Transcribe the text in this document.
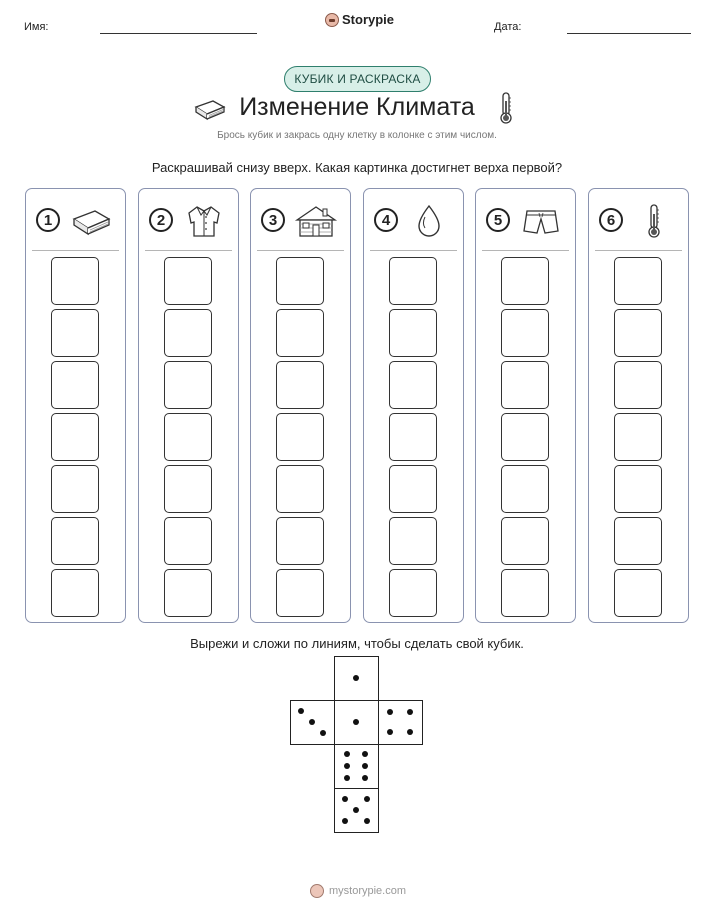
Имя:	Storypie	Дата:
КУБИК И РАСКРАСКА
Изменение Климата
Брось кубик и закрась одну клетку в колонке с этим числом.
Раскрашивай снизу вверх. Какая картинка достигнет верха первой?
1	2	3	4	5	6
Вырежи и сложи по линиям, чтобы сделать свой кубик.
mystorypie.com
